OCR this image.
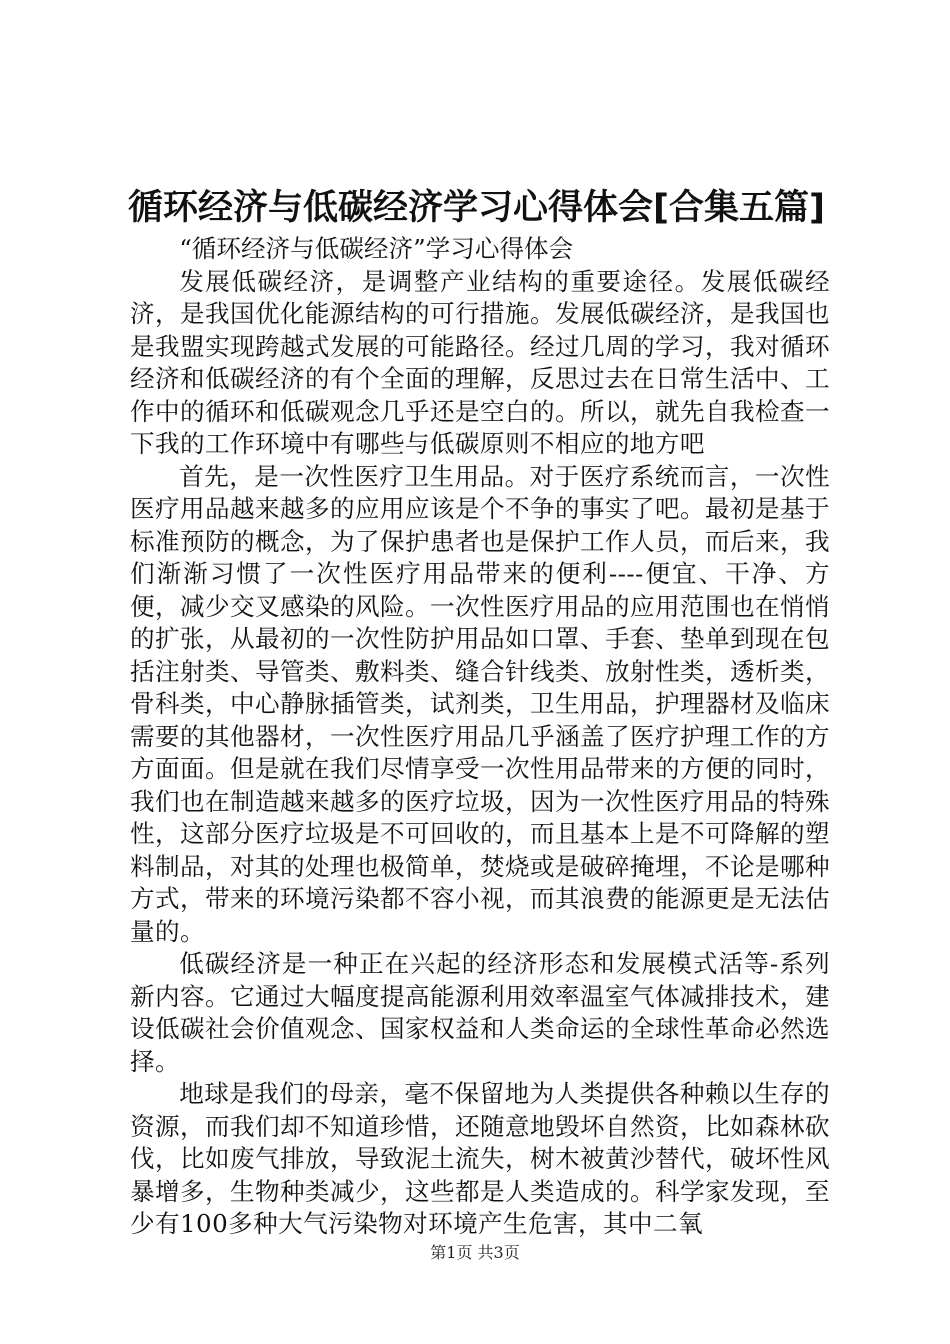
循环经济与低碳经济学习心得体会[合集五篇]

“循环经济与低碳经济”学习心得体会

发展低碳经济，是调整产业结构的重要途径。发展低碳经济，是我国优化能源结构的可行措施。发展低碳经济，是我国也是我盟实现跨越式发展的可能路径。经过几周的学习，我对循环经济和低碳经济的有个全面的理解，反思过去在日常生活中、工作中的循环和低碳观念几乎还是空白的。所以，就先自我检查一下我的工作环境中有哪些与低碳原则不相应的地方吧

首先，是一次性医疗卫生用品。对于医疗系统而言，一次性医疗用品越来越多的应用应该是个不争的事实了吧。最初是基于标准预防的概念，为了保护患者也是保护工作人员，而后来，我们渐渐习惯了一次性医疗用品带来的便利----便宜、干净、方便，减少交叉感染的风险。一次性医疗用品的应用范围也在悄悄的扩张，从最初的一次性防护用品如口罩、手套、垫单到现在包括注射类、导管类、敷料类、缝合针线类、放射性类，透析类，骨科类，中心静脉插管类，试剂类，卫生用品，护理器材及临床需要的其他器材，一次性医疗用品几乎涵盖了医疗护理工作的方方面面。但是就在我们尽情享受一次性用品带来的方便的同时，我们也在制造越来越多的医疗垃圾，因为一次性医疗用品的特殊性，这部分医疗垃圾是不可回收的，而且基本上是不可降解的塑料制品，对其的处理也极简单，焚烧或是破碎掩埋，不论是哪种方式，带来的环境污染都不容小视，而其浪费的能源更是无法估量的。

低碳经济是一种正在兴起的经济形态和发展模式活等-系列新内容。它通过大幅度提高能源利用效率温室气体减排技术，建设低碳社会价值观念、国家权益和人类命运的全球性革命必然选择。

地球是我们的母亲，毫不保留地为人类提供各种赖以生存的资源，而我们却不知道珍惜，还随意地毁坏自然资，比如森林砍伐，比如废气排放，导致泥土流失，树木被黄沙替代，破坏性风暴增多，生物种类减少，这些都是人类造成的。科学家发现，至少有100多种大气污染物对环境产生危害，其中二氧

第1页 共3页
